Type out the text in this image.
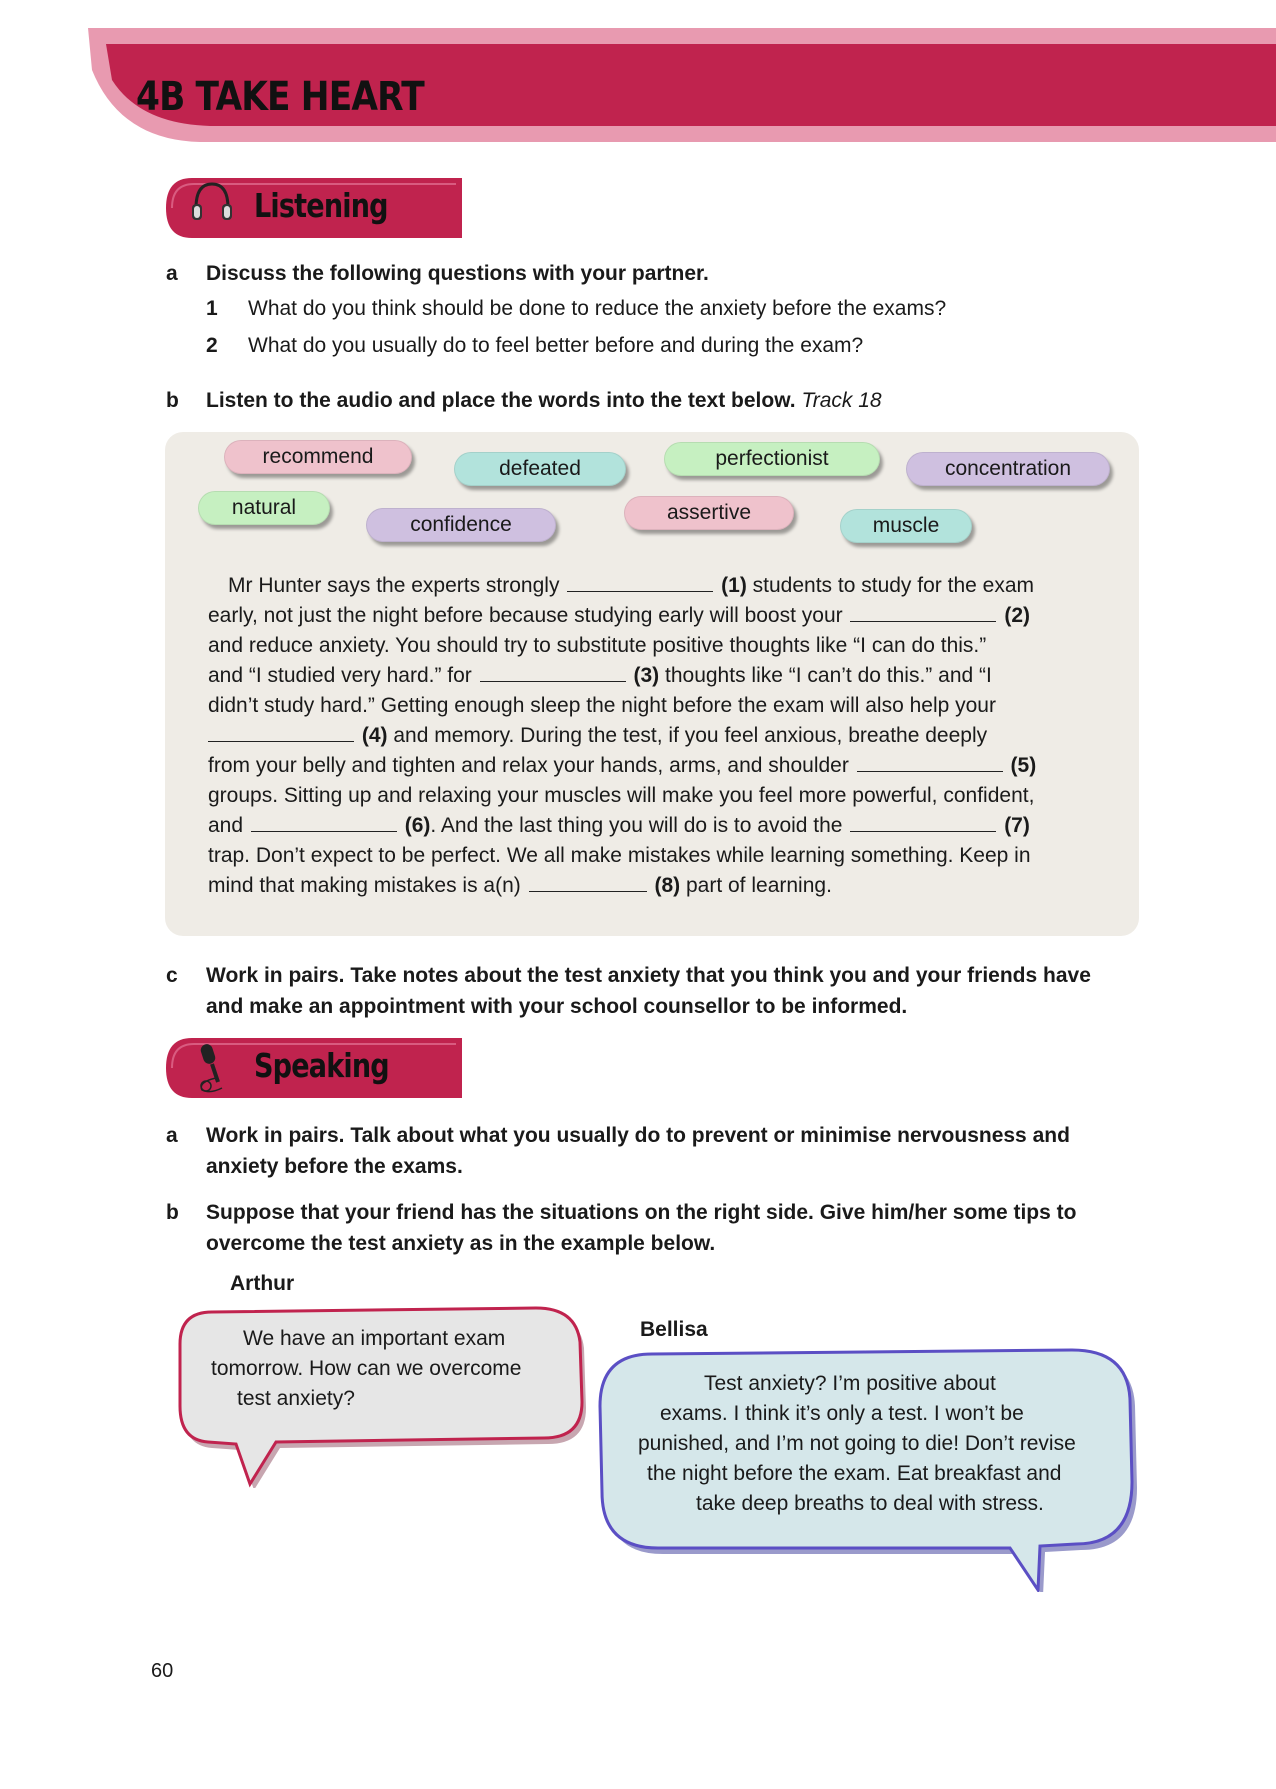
4B TAKE HEART
Listening
a Discuss the following questions with your partner.
1 What do you think should be done to reduce the anxiety before the exams?
2 What do you usually do to feel better before and during the exam?
b Listen to the audio and place the words into the text below. Track 18
recommend
defeated	perfectionist	concentration
natural
confidence
assertive
muscle
Mr Hunter says the experts strongly	(1) students to study for the exam
early, not just the night before because studying early will boost your	(2)
and reduce anxiety. You should try to substitute positive thoughts like “I can do this.”
and “I studied very hard.” for	(3) thoughts like “I can’t do this.” and “I
didn’t study hard.” Getting enough sleep the night before the exam will also help your
(4) and memory. During the test, if you feel anxious, breathe deeply
from your belly and tighten and relax your hands, arms, and shoulder	(5)
groups. Sitting up and relaxing your muscles will make you feel more powerful, confident,
and	(6). And the last thing you will do is to avoid the	(7)
trap. Don’t expect to be perfect. We all make mistakes while learning something. Keep in
mind that making mistakes is a(n)	(8) part of learning.
c Work in pairs. Take notes about the test anxiety that you think you and your friends have
and make an appointment with your school counsellor to be informed.
Speaking
a Work in pairs. Talk about what you usually do to prevent or minimise nervousness and
anxiety before the exams.
b Suppose that your friend has the situations on the right side. Give him/her some tips to
overcome the test anxiety as in the example below.
Arthur
We have an important exam
tomorrow. How can we overcome
test anxiety?
Bellisa
Test anxiety? I’m positive about
exams. I think it’s only a test. I won’t be
punished, and I’m not going to die! Don’t revise
the night before the exam. Eat breakfast and
take deep breaths to deal with stress.
60
